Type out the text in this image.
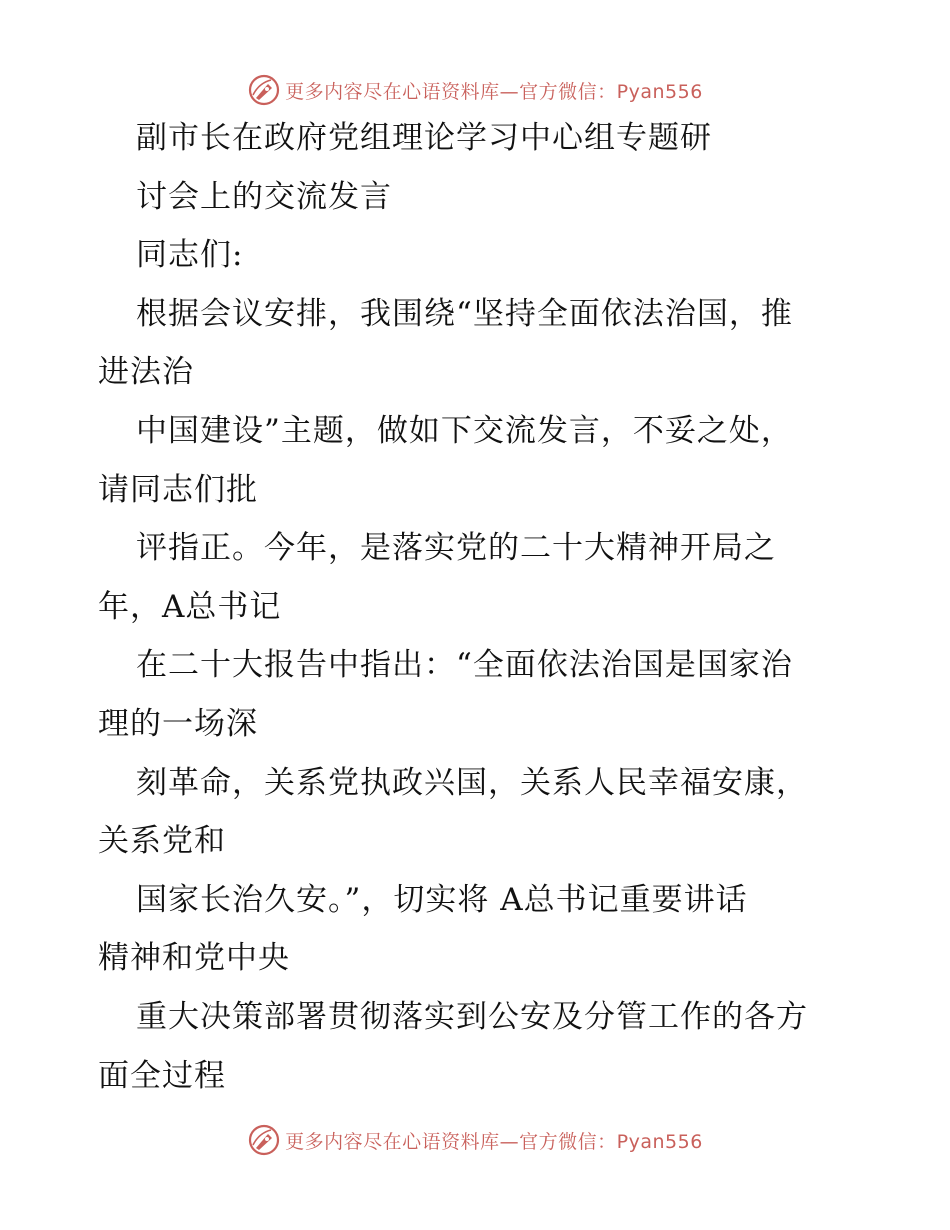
更多内容尽在心语资料库—官方微信：Pyan556
副市长在政府党组理论学习中心组专题研
讨会上的交流发言
同志们:
根据会议安排，我围绕“坚持全面依法治国，推
进法治
中国建设”主题，做如下交流发言，不妥之处，
请同志们批
评指正。今年，是落实党的二十大精神开局之
年，A总书记
在二十大报告中指出：“全面依法治国是国家治
理的一场深
刻革命，关系党执政兴国，关系人民幸福安康，
关系党和
国家长治久安。”，切实将 A总书记重要讲话
精神和党中央
重大决策部署贯彻落实到公安及分管工作的各方
面全过程
更多内容尽在心语资料库—官方微信：Pyan556
